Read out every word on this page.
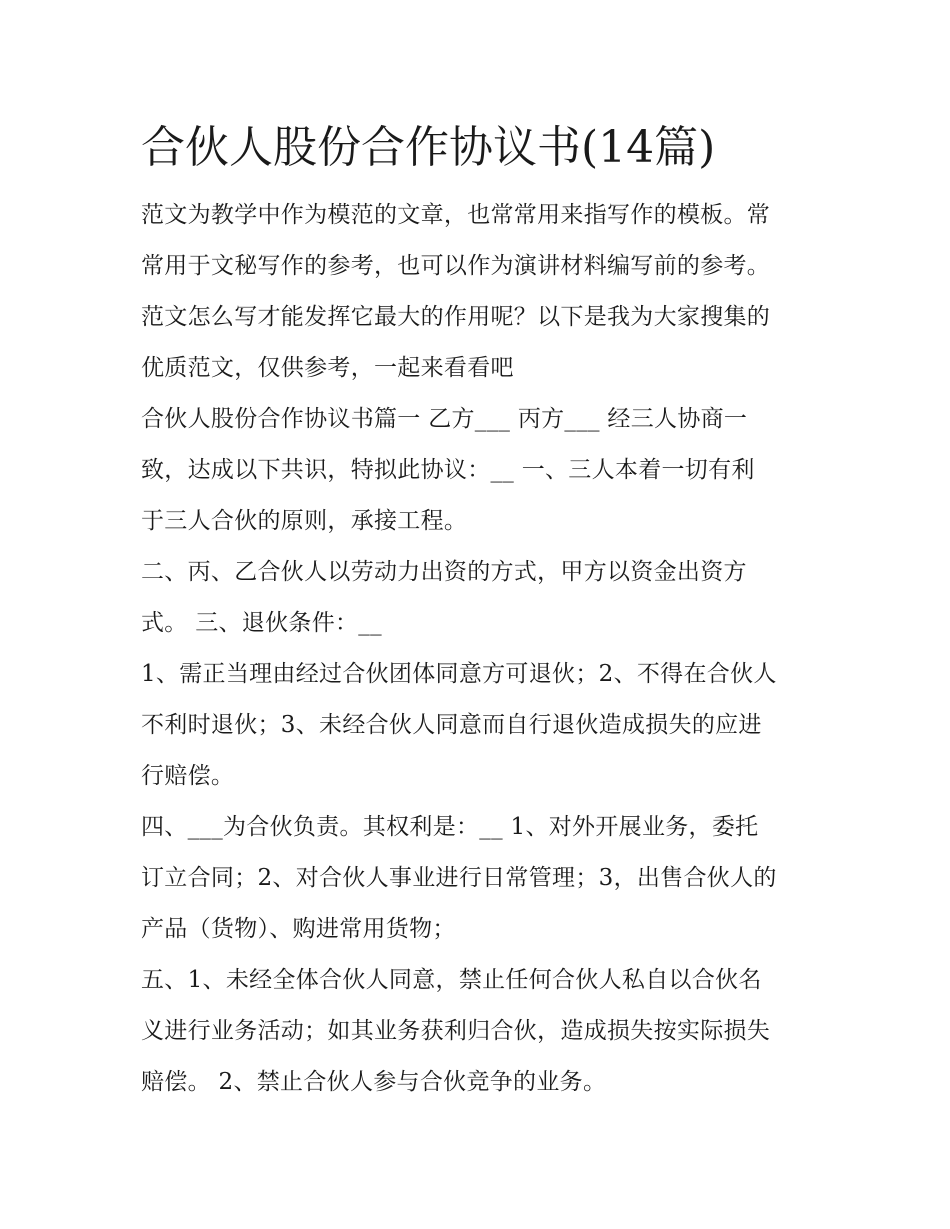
合伙人股份合作协议书(14篇)
范文为教学中作为模范的文章，也常常用来指写作的模板。常
常用于文秘写作的参考，也可以作为演讲材料编写前的参考。
范文怎么写才能发挥它最大的作用呢？以下是我为大家搜集的
优质范文，仅供参考，一起来看看吧
合伙人股份合作协议书篇一 乙方___ 丙方___ 经三人协商一
致，达成以下共识，特拟此协议：__ 一、三人本着一切有利
于三人合伙的原则，承接工程。
二、丙、乙合伙人以劳动力出资的方式，甲方以资金出资方
式。 三、退伙条件：__
1、需正当理由经过合伙团体同意方可退伙；2、不得在合伙人
不利时退伙；3、未经合伙人同意而自行退伙造成损失的应进
行赔偿。
四、___为合伙负责。其权利是：__ 1、对外开展业务，委托
订立合同；2、对合伙人事业进行日常管理；3，出售合伙人的
产品（货物）、购进常用货物；
五、1、未经全体合伙人同意，禁止任何合伙人私自以合伙名
义进行业务活动；如其业务获利归合伙，造成损失按实际损失
赔偿。 2、禁止合伙人参与合伙竞争的业务。
